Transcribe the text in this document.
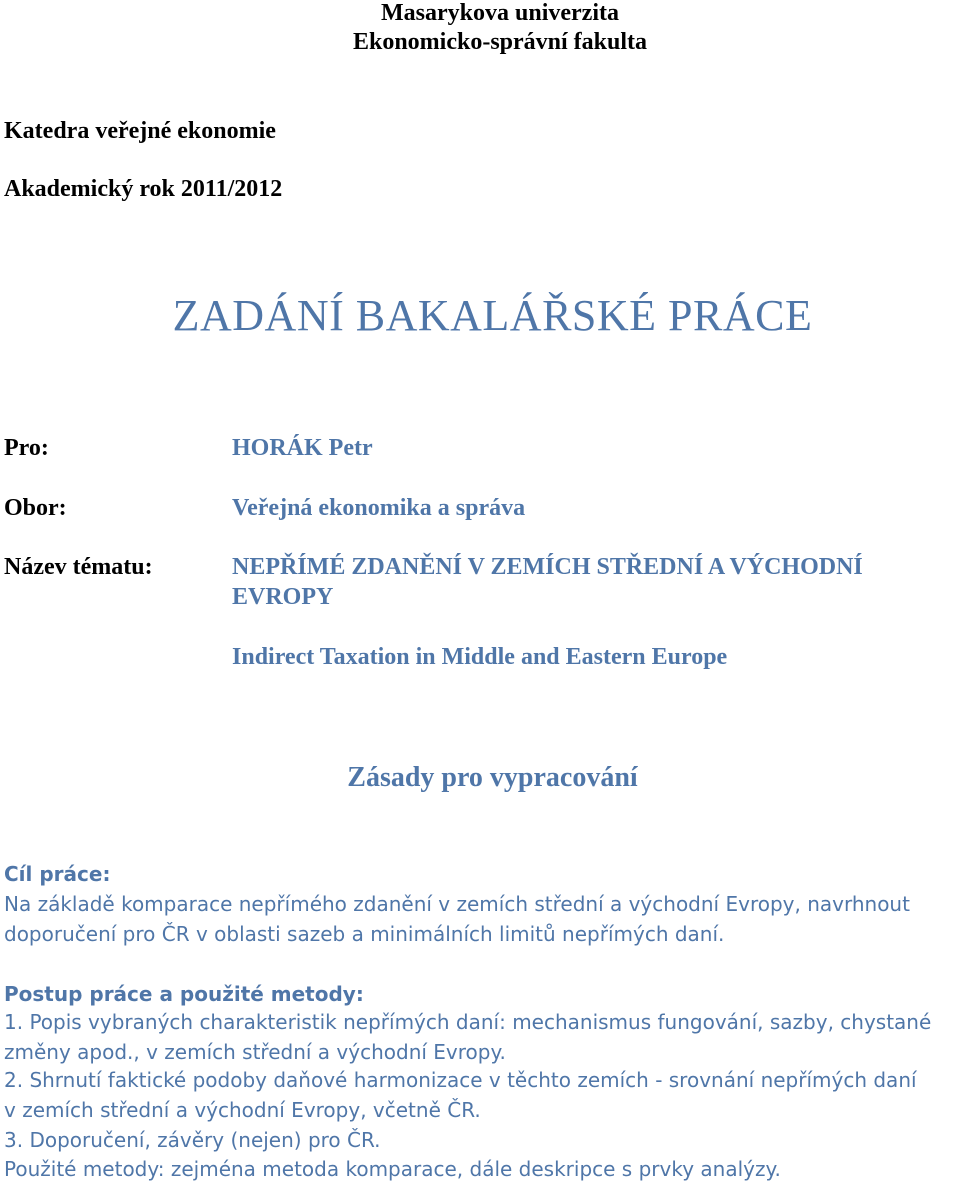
Masarykova univerzita

Ekonomicko-správní fakulta

Katedra veřejné ekonomie

Akademický rok 2011/2012

ZADÁNÍ BAKALÁŘSKÉ PRÁCE

Pro:	HORÁK Petr

Obor:	Veřejná ekonomika a správa

Název tématu:	NEPŘÍMÉ ZDANĚNÍ V ZEMÍCH STŘEDNÍ A VÝCHODNÍ

EVROPY

Indirect Taxation in Middle and Eastern Europe

Zásady pro vypracování

Cíl práce:

Na základě komparace nepřímého zdanění v zemích střední a východní Evropy, navrhnout

doporučení pro ČR v oblasti sazeb a minimálních limitů nepřímých daní.

Postup práce a použité metody:

1. Popis vybraných charakteristik nepřímých daní: mechanismus fungování, sazby, chystané

změny apod., v zemích střední a východní Evropy.

2. Shrnutí faktické podoby daňové harmonizace v těchto zemích - srovnání nepřímých daní

v zemích střední a východní Evropy, včetně ČR.

3. Doporučení, závěry (nejen) pro ČR.

Použité metody: zejména metoda komparace, dále deskripce s prvky analýzy.
